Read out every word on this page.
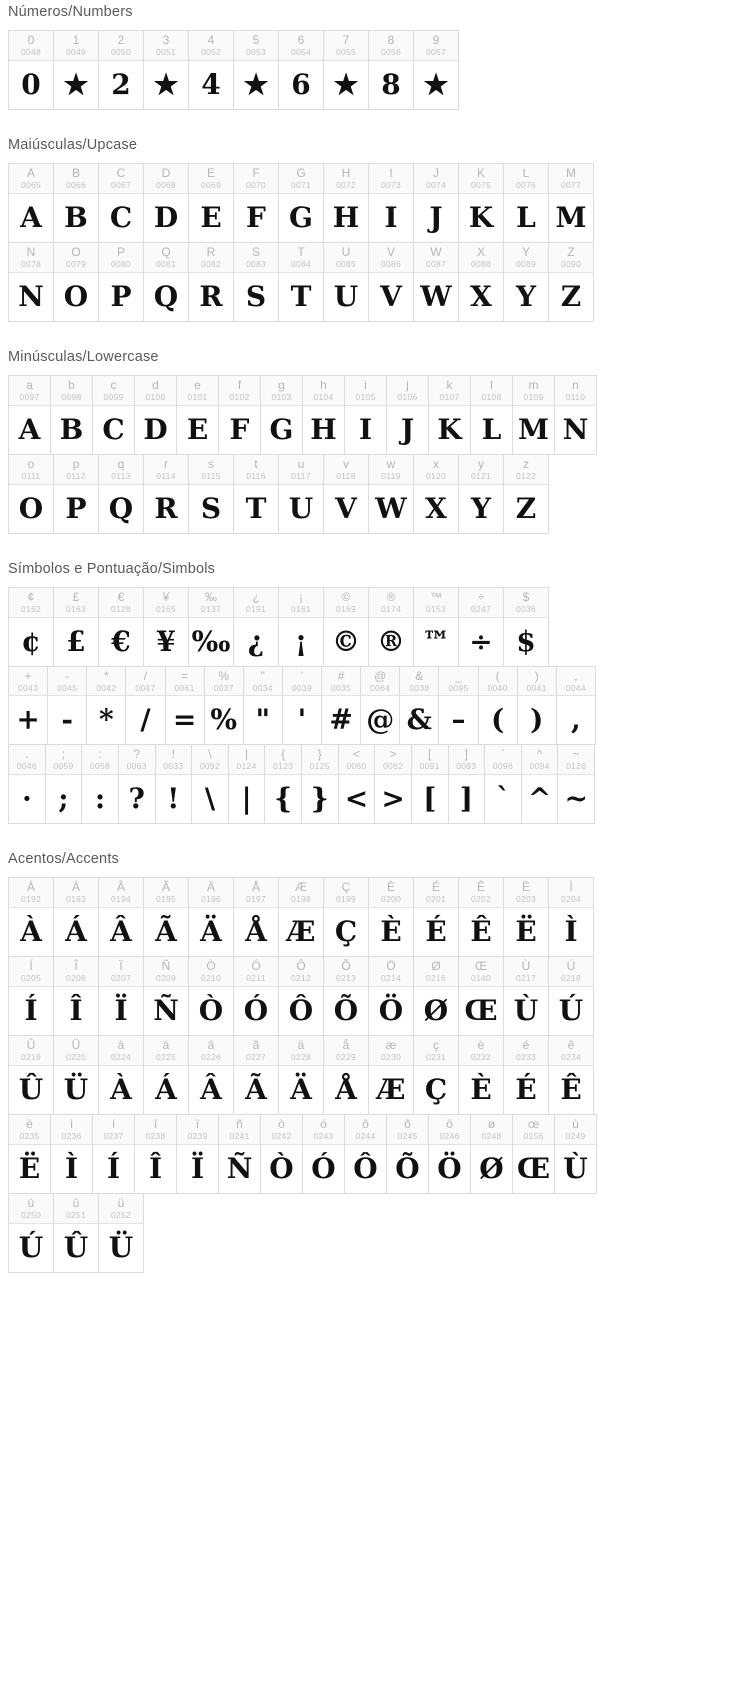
Números/Numbers
0
0048
0
1
0049
★
2
0050
2
3
0051
★
4
0052
4
5
0053
★
6
0054
6
7
0055
★
8
0056
8
9
0057
★
Maiúsculas/Upcase
A
0065
A
B
0066
B
C
0067
C
D
0068
D
E
0069
E
F
0070
F
G
0071
G
H
0072
H
I
0073
I
J
0074
J
K
0075
K
L
0076
L
M
0077
M
N
0078
N
O
0079
O
P
0080
P
Q
0081
Q
R
0082
R
S
0083
S
T
0084
T
U
0085
U
V
0086
V
W
0087
W
X
0088
X
Y
0089
Y
Z
0090
Z
Minúsculas/Lowercase
a
0097
A
b
0098
B
c
0099
C
d
0100
D
e
0101
E
f
0102
F
g
0103
G
h
0104
H
i
0105
I
j
0106
J
k
0107
K
l
0108
L
m
0109
M
n
0110
N
o
0111
O
p
0112
P
q
0113
Q
r
0114
R
s
0115
S
t
0116
T
u
0117
U
v
0118
V
w
0119
W
x
0120
X
y
0121
Y
z
0122
Z
Símbolos e Pontuação/Simbols
¢
0162
¢
£
0163
£
€
0128
€
¥
0165
¥
‰
0137
‰
¿
0191
¿
¡
0161
¡
©
0169
©
®
0174
®
™
0153
™
÷
0247
÷
$
0036
$
+
0043
+
-
0045
-
*
0042
*
/
0047
/
=
0061
=
%
0037
%
"
0034
"
'
0039
'
#
0035
#
@
0064
@
&
0038
&
_
0095
–
(
0040
(
)
0041
)
,
0044
,
.
0046
·
;
0059
;
:
0058
:
?
0063
?
!
0033
!
\
0092
\
|
0124
|
{
0123
{
}
0125
}
<
0060
<
>
0062
>
[
0091
[
]
0093
]
`
0096
`
^
0094
^
~
0126
~
Acentos/Accents
À
0192
À
Á
0193
Á
Â
0194
Â
Ã
0195
Ã
Ä
0196
Ä
Å
0197
Å
Æ
0198
Æ
Ç
0199
Ç
È
0200
È
É
0201
É
Ê
0202
Ê
Ë
0203
Ë
Ì
0204
Ì
Í
0205
Í
Î
0206
Î
Ï
0207
Ï
Ñ
0209
Ñ
Ò
0210
Ò
Ó
0211
Ó
Ô
0212
Ô
Õ
0213
Õ
Ö
0214
Ö
Ø
0216
Ø
Œ
0140
Œ
Ù
0217
Ù
Ú
0218
Ú
Û
0219
Û
Ü
0220
Ü
à
0224
À
á
0225
Á
â
0226
Â
ã
0227
Ã
ä
0228
Ä
å
0229
Å
æ
0230
Æ
ç
0231
Ç
è
0232
È
é
0233
É
ê
0234
Ê
ë
0235
Ë
ì
0236
Ì
í
0237
Í
î
0238
Î
ï
0239
Ï
ñ
0241
Ñ
ò
0242
Ò
ó
0243
Ó
ô
0244
Ô
õ
0245
Õ
ö
0246
Ö
ø
0248
Ø
œ
0156
Œ
ù
0249
Ù
ú
0250
Ú
û
0251
Û
ü
0252
Ü
